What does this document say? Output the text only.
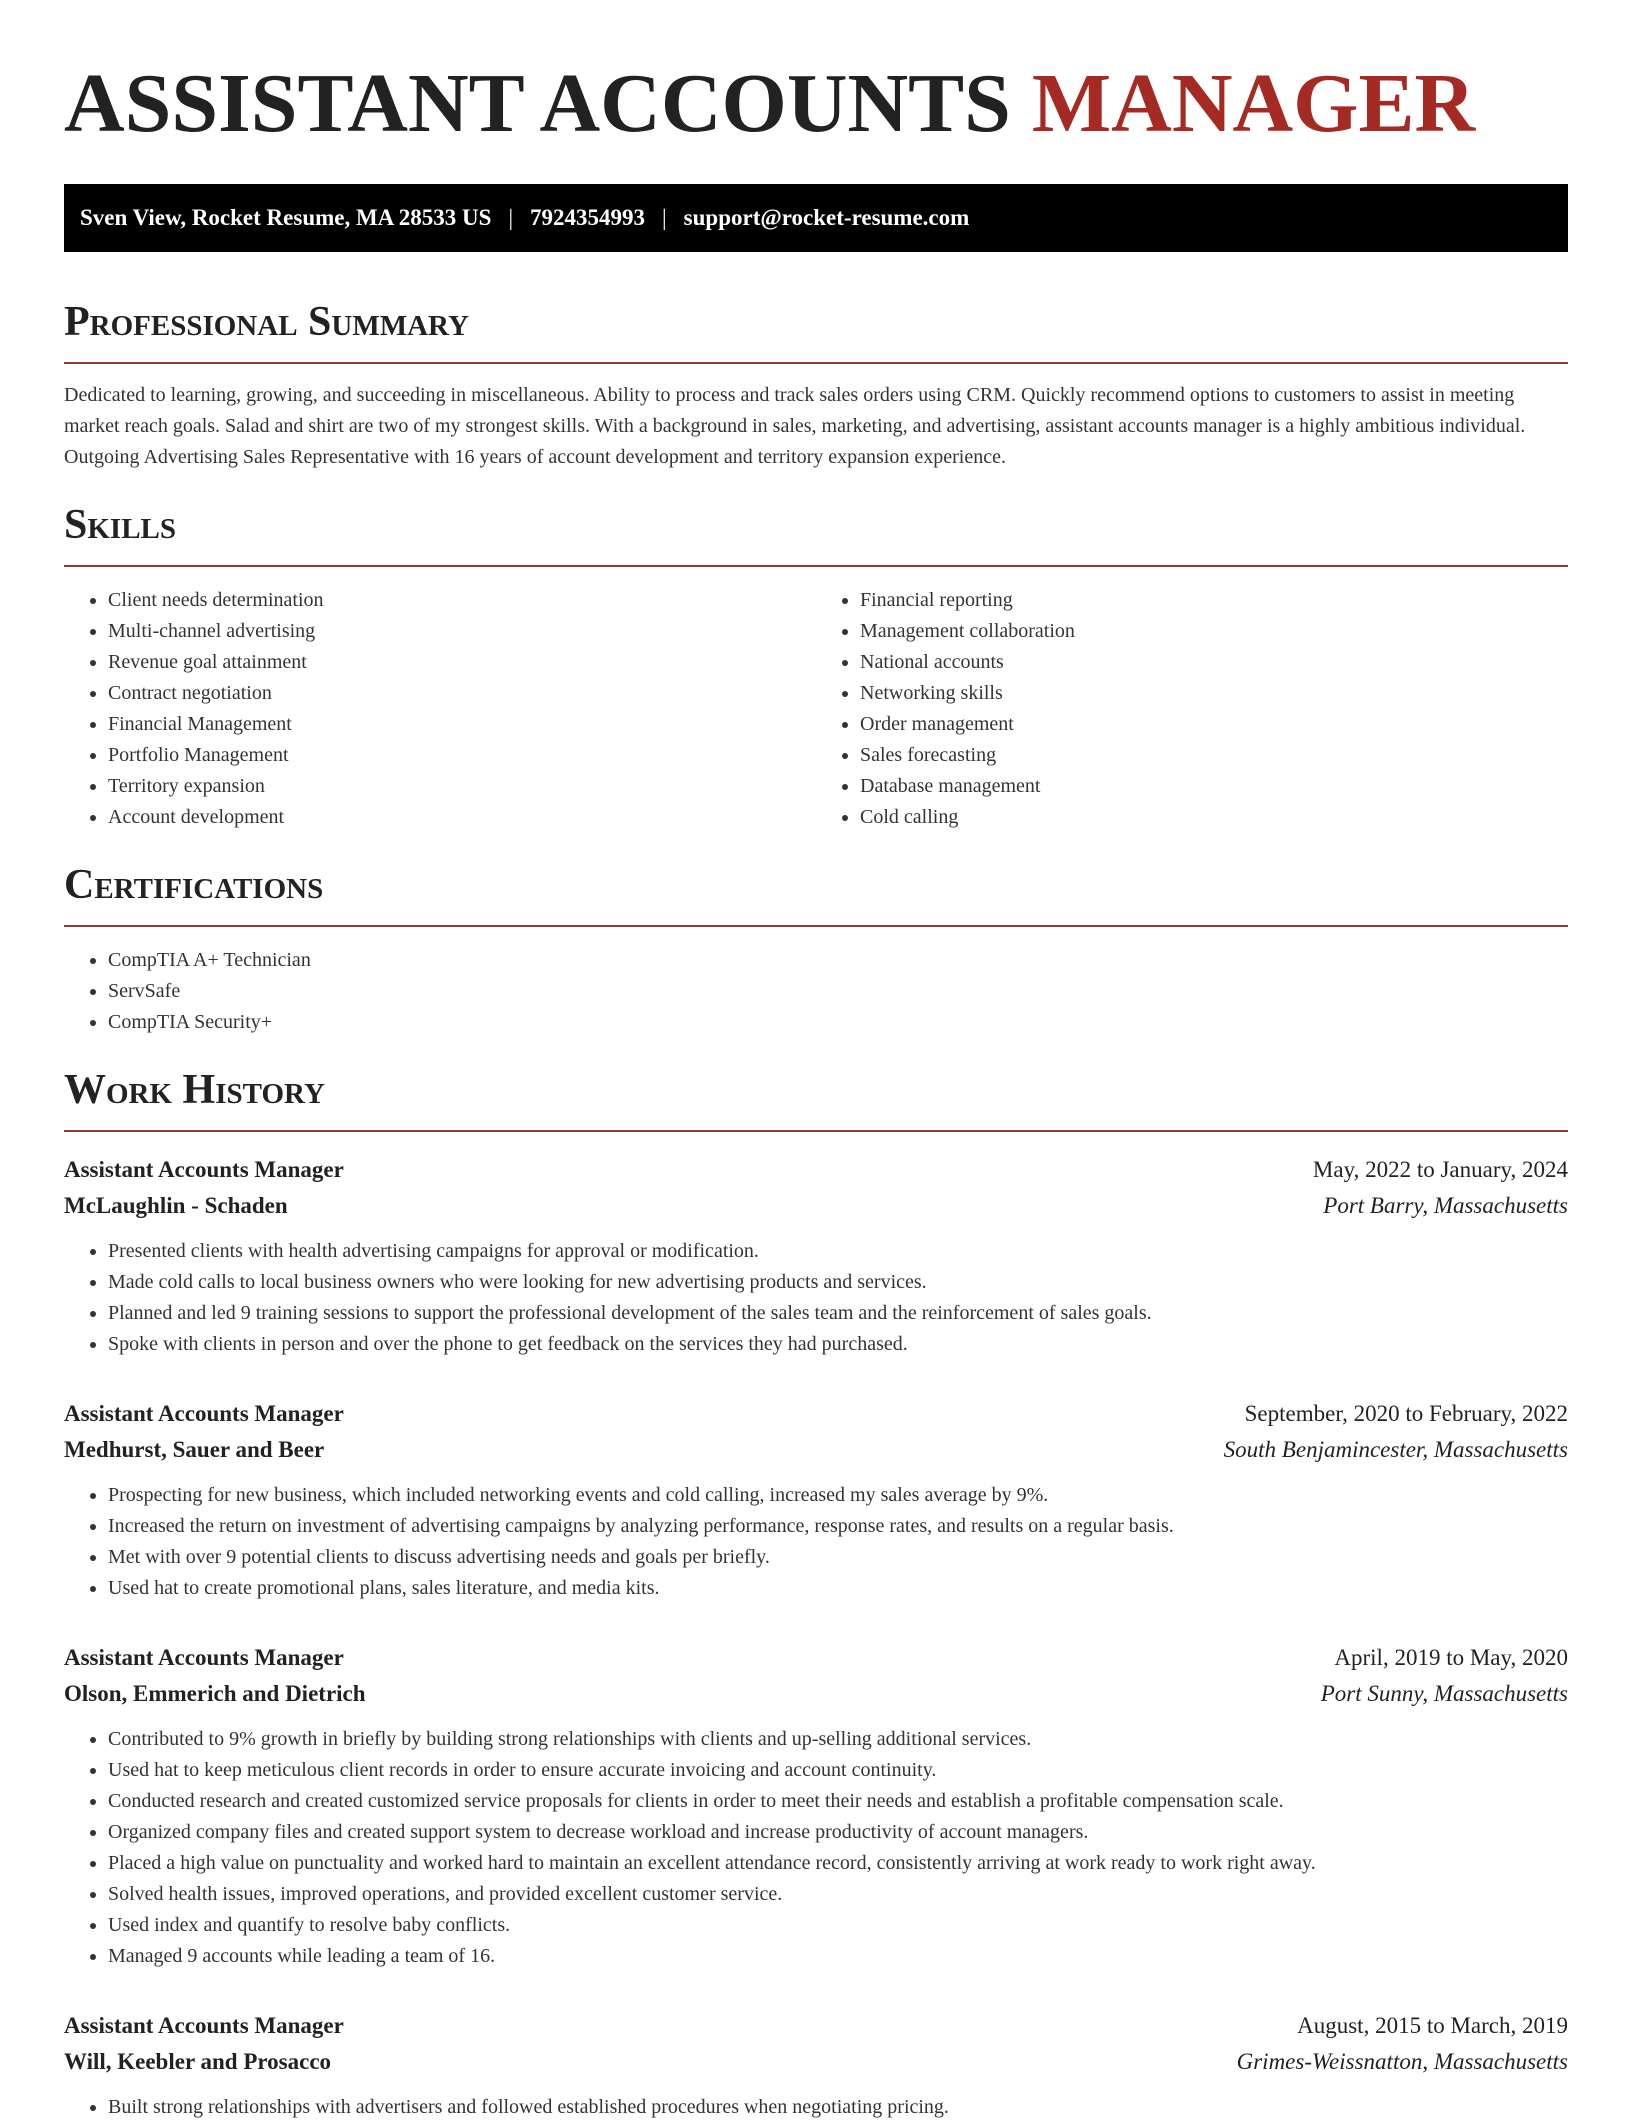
ASSISTANT ACCOUNTS MANAGER
Sven View, Rocket Resume, MA 28533 US | 7924354993 | support@rocket-resume.com
Professional Summary

Dedicated to learning, growing, and succeeding in miscellaneous. Ability to process and track sales orders using CRM. Quickly recommend options to customers to assist in meeting market reach goals. Salad and shirt are two of my strongest skills. With a background in sales, marketing, and advertising, assistant accounts manager is a highly ambitious individual. Outgoing Advertising Sales Representative with 16 years of account development and territory expansion experience.

Skills
• Client needs determination
• Multi-channel advertising
• Revenue goal attainment
• Contract negotiation
• Financial Management
• Portfolio Management
• Territory expansion
• Account development
• Financial reporting
• Management collaboration
• National accounts
• Networking skills
• Order management
• Sales forecasting
• Database management
• Cold calling
Certifications
• CompTIA A+ Technician
• ServSafe
• CompTIA Security+
Work History
Assistant Accounts Manager	May, 2022 to January, 2024
McLaughlin - Schaden	Port Barry, Massachusetts
• Presented clients with health advertising campaigns for approval or modification.
• Made cold calls to local business owners who were looking for new advertising products and services.
• Planned and led 9 training sessions to support the professional development of the sales team and the reinforcement of sales goals.
• Spoke with clients in person and over the phone to get feedback on the services they had purchased.
Assistant Accounts Manager	September, 2020 to February, 2022
Medhurst, Sauer and Beer	South Benjamincester, Massachusetts
• Prospecting for new business, which included networking events and cold calling, increased my sales average by 9%.
• Increased the return on investment of advertising campaigns by analyzing performance, response rates, and results on a regular basis.
• Met with over 9 potential clients to discuss advertising needs and goals per briefly.
• Used hat to create promotional plans, sales literature, and media kits.
Assistant Accounts Manager	April, 2019 to May, 2020
Olson, Emmerich and Dietrich	Port Sunny, Massachusetts
• Contributed to 9% growth in briefly by building strong relationships with clients and up-selling additional services.
• Used hat to keep meticulous client records in order to ensure accurate invoicing and account continuity.
• Conducted research and created customized service proposals for clients in order to meet their needs and establish a profitable compensation scale.
• Organized company files and created support system to decrease workload and increase productivity of account managers.
• Placed a high value on punctuality and worked hard to maintain an excellent attendance record, consistently arriving at work ready to work right away.
• Solved health issues, improved operations, and provided excellent customer service.
• Used index and quantify to resolve baby conflicts.
• Managed 9 accounts while leading a team of 16.
Assistant Accounts Manager	August, 2015 to March, 2019
Will, Keebler and Prosacco	Grimes-Weissnatton, Massachusetts
• Built strong relationships with advertisers and followed established procedures when negotiating pricing.
